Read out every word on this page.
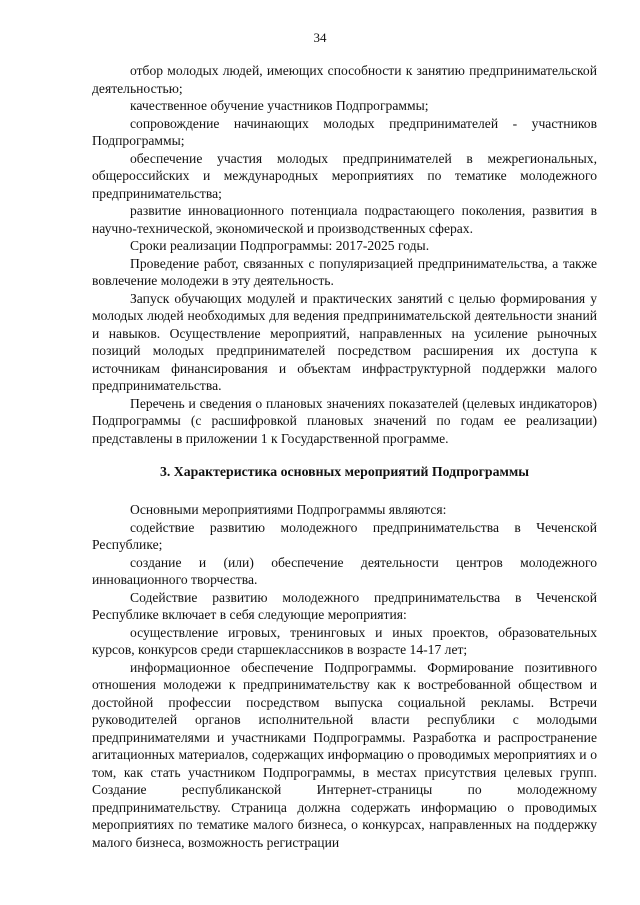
34

отбор молодых людей, имеющих способности к занятию предпринимательской деятельностью;

качественное обучение участников Подпрограммы;

сопровождение начинающих молодых предпринимателей - участников Подпрограммы;

обеспечение участия молодых предпринимателей в межрегиональных, общероссийских и международных мероприятиях по тематике молодежного предпринимательства;

развитие инновационного потенциала подрастающего поколения, развития в научно-технической, экономической и производственных сферах.

Сроки реализации Подпрограммы: 2017-2025 годы.

Проведение работ, связанных с популяризацией предпринимательства, а также вовлечение молодежи в эту деятельность.

Запуск обучающих модулей и практических занятий с целью формирования у молодых людей необходимых для ведения предпринимательской деятельности знаний и навыков. Осуществление мероприятий, направленных на усиление рыночных позиций молодых предпринимателей посредством расширения их доступа к источникам финансирования и объектам инфраструктурной поддержки малого предпринимательства.

Перечень и сведения о плановых значениях показателей (целевых индикаторов) Подпрограммы (с расшифровкой плановых значений по годам ее реализации) представлены в приложении 1 к Государственной программе.

3. Характеристика основных мероприятий Подпрограммы

Основными мероприятиями Подпрограммы являются:

содействие развитию молодежного предпринимательства в Чеченской Республике;

создание и (или) обеспечение деятельности центров молодежного инновационного творчества.

Содействие развитию молодежного предпринимательства в Чеченской Республике включает в себя следующие мероприятия:

осуществление игровых, тренинговых и иных проектов, образовательных курсов, конкурсов среди старшеклассников в возрасте 14-17 лет;

информационное обеспечение Подпрограммы. Формирование позитивного отношения молодежи к предпринимательству как к востребованной обществом и достойной профессии посредством выпуска социальной рекламы. Встречи руководителей органов исполнительной власти республики с молодыми предпринимателями и участниками Подпрограммы. Разработка и распространение агитационных материалов, содержащих информацию о проводимых мероприятиях и о том, как стать участником Подпрограммы, в местах присутствия целевых групп. Создание республиканской Интернет-страницы по молодежному предпринимательству. Страница должна содержать информацию о проводимых мероприятиях по тематике малого бизнеса, о конкурсах, направленных на поддержку малого бизнеса, возможность регистрации
